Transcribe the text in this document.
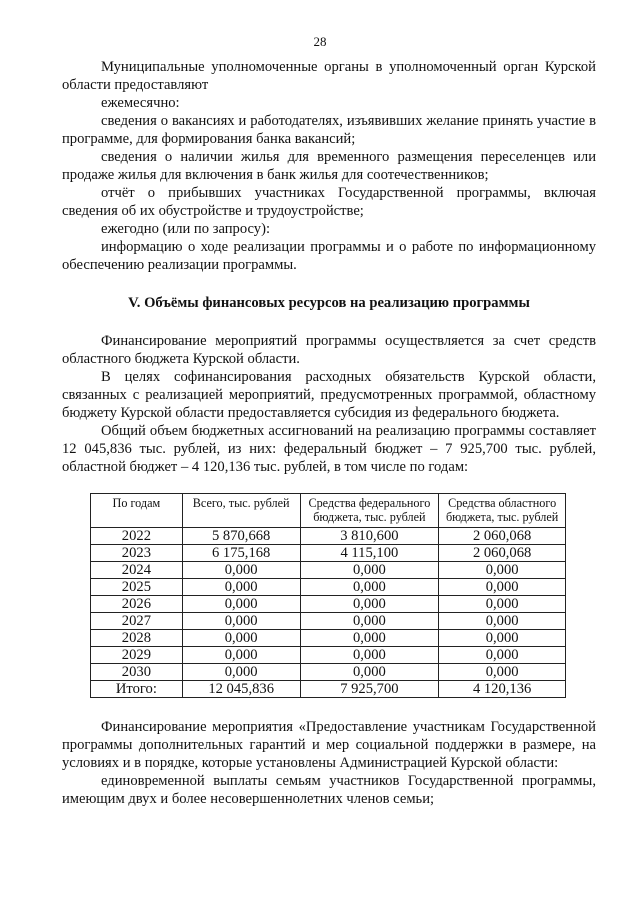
28

Муниципальные уполномоченные органы в уполномоченный орган Курской области предоставляют

ежемесячно:

сведения о вакансиях и работодателях, изъявивших желание принять участие в программе, для формирования банка вакансий;

сведения о наличии жилья для временного размещения переселенцев или продаже жилья для включения в банк жилья для соотечественников;

отчёт о прибывших участниках Государственной программы, включая сведения об их обустройстве и трудоустройстве;

ежегодно (или по запросу):

информацию о ходе реализации программы и о работе по информационному обеспечению реализации программы.

V. Объёмы финансовых ресурсов на реализацию программы

Финансирование мероприятий программы осуществляется за счет средств областного бюджета Курской области.

В целях софинансирования расходных обязательств Курской области, связанных с реализацией мероприятий, предусмотренных программой, областному бюджету Курской области предоставляется субсидия из федерального бюджета.

Общий объем бюджетных ассигнований на реализацию программы составляет 12 045,836 тыс. рублей, из них: федеральный бюджет – 7 925,700 тыс. рублей, областной бюджет – 4 120,136 тыс. рублей, в том числе по годам:

По годам	Всего, тыс. рублей	Средства федерального бюджета, тыс. рублей	Средства областного бюджета, тыс. рублей
2022	5 870,668	3 810,600	2 060,068
2023	6 175,168	4 115,100	2 060,068
2024	0,000	0,000	0,000
2025	0,000	0,000	0,000
2026	0,000	0,000	0,000
2027	0,000	0,000	0,000
2028	0,000	0,000	0,000
2029	0,000	0,000	0,000
2030	0,000	0,000	0,000
Итого:	12 045,836	7 925,700	4 120,136

Финансирование мероприятия «Предоставление участникам Государственной программы дополнительных гарантий и мер социальной поддержки в размере, на условиях и в порядке, которые установлены Администрацией Курской области:

единовременной выплаты семьям участников Государственной программы, имеющим двух и более несовершеннолетних членов семьи;
